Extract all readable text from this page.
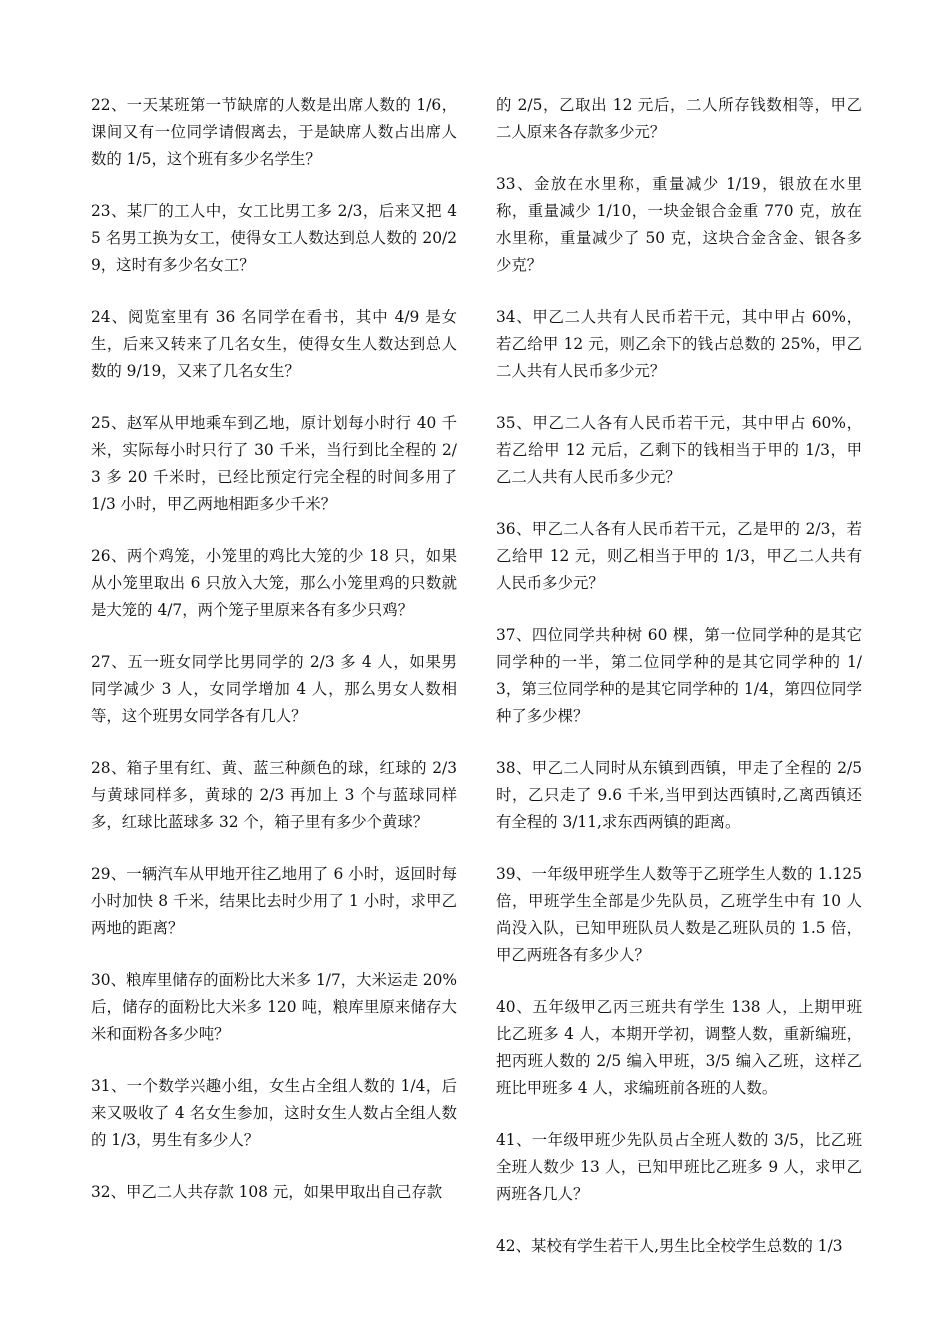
22、一天某班第一节缺席的人数是出席人数的 1/6，课间又有一位同学请假离去，于是缺席人数占出席人数的 1/5，这个班有多少名学生？

23、某厂的工人中，女工比男工多 2/3，后来又把 45 名男工换为女工，使得女工人数达到总人数的 20/29，这时有多少名女工？

24、阅览室里有 36 名同学在看书，其中 4/9 是女生，后来又转来了几名女生，使得女生人数达到总人数的 9/19，又来了几名女生？

25、赵军从甲地乘车到乙地，原计划每小时行 40 千米，实际每小时只行了 30 千米，当行到比全程的 2/3 多 20 千米时，已经比预定行完全程的时间多用了 1/3 小时，甲乙两地相距多少千米？

26、两个鸡笼，小笼里的鸡比大笼的少 18 只，如果从小笼里取出 6 只放入大笼，那么小笼里鸡的只数就是大笼的 4/7，两个笼子里原来各有多少只鸡？

27、五一班女同学比男同学的 2/3 多 4 人，如果男同学减少 3 人，女同学增加 4 人，那么男女人数相等，这个班男女同学各有几人？

28、箱子里有红、黄、蓝三种颜色的球，红球的 2/3 与黄球同样多，黄球的 2/3 再加上 3 个与蓝球同样多，红球比蓝球多 32 个，箱子里有多少个黄球？

29、一辆汽车从甲地开往乙地用了 6 小时，返回时每小时加快 8 千米，结果比去时少用了 1 小时，求甲乙两地的距离？

30、粮库里储存的面粉比大米多 1/7，大米运走 20%后，储存的面粉比大米多 120 吨，粮库里原来储存大米和面粉各多少吨？

31、一个数学兴趣小组，女生占全组人数的 1/4，后来又吸收了 4 名女生参加，这时女生人数占全组人数的 1/3，男生有多少人？

32、甲乙二人共存款 108 元，如果甲取出自己存款

的 2/5，乙取出 12 元后，二人所存钱数相等，甲乙二人原来各存款多少元？

33、金放在水里称，重量减少 1/19，银放在水里称，重量减少 1/10，一块金银合金重 770 克，放在水里称，重量减少了 50 克，这块合金含金、银各多少克？

34、甲乙二人共有人民币若干元，其中甲占 60%，若乙给甲 12 元，则乙余下的钱占总数的 25%，甲乙二人共有人民币多少元？

35、甲乙二人各有人民币若干元，其中甲占 60%，若乙给甲 12 元后，乙剩下的钱相当于甲的 1/3，甲乙二人共有人民币多少元？

36、甲乙二人各有人民币若干元，乙是甲的 2/3，若乙给甲 12 元，则乙相当于甲的 1/3，甲乙二人共有人民币多少元？

37、四位同学共种树 60 棵，第一位同学种的是其它同学种的一半，第二位同学种的是其它同学种的 1/3，第三位同学种的是其它同学种的 1/4，第四位同学种了多少棵？

38、甲乙二人同时从东镇到西镇，甲走了全程的 2/5 时，乙只走了 9.6 千米,当甲到达西镇时,乙离西镇还有全程的 3/11,求东西两镇的距离。

39、一年级甲班学生人数等于乙班学生人数的 1.125 倍，甲班学生全部是少先队员，乙班学生中有 10 人尚没入队，已知甲班队员人数是乙班队员的 1.5 倍，甲乙两班各有多少人？

40、五年级甲乙丙三班共有学生 138 人，上期甲班比乙班多 4 人，本期开学初，调整人数，重新编班，把丙班人数的 2/5 编入甲班，3/5 编入乙班，这样乙班比甲班多 4 人，求编班前各班的人数。

41、一年级甲班少先队员占全班人数的 3/5，比乙班全班人数少 13 人，已知甲班比乙班多 9 人，求甲乙两班各几人？

42、某校有学生若干人,男生比全校学生总数的 1/3
